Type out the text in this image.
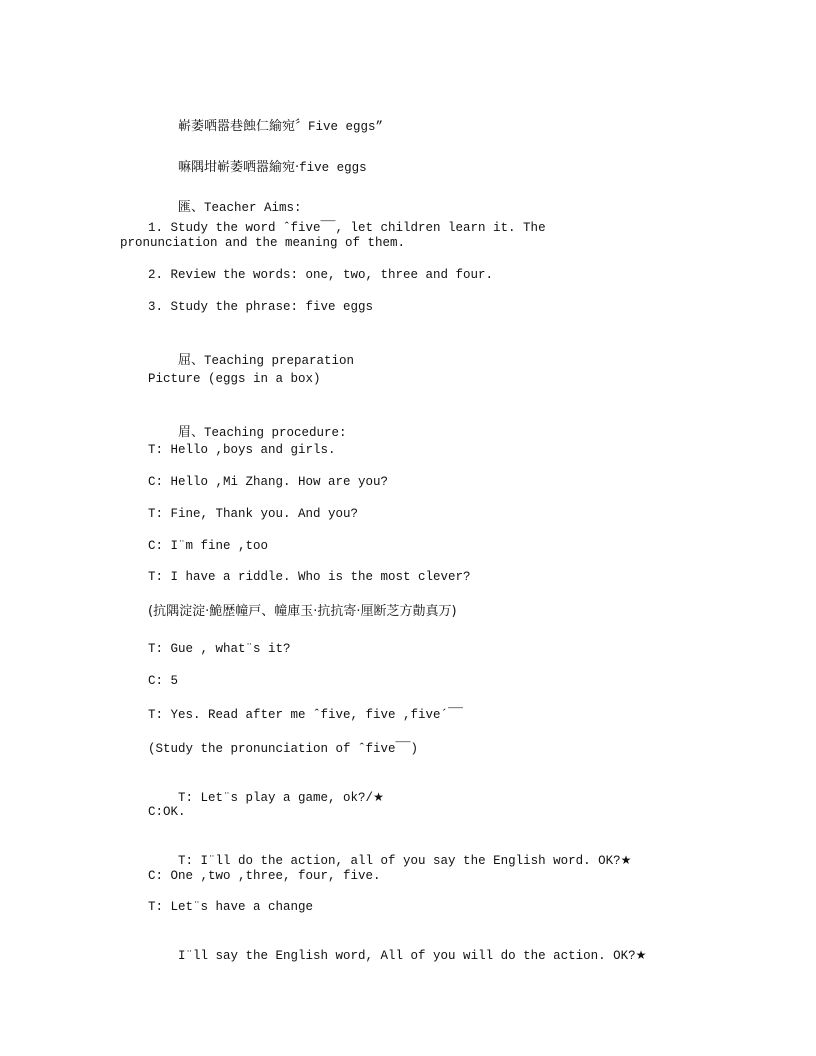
嶄萎哂嚣巷蝕仁緰宛〞Five eggs”

嘛隅坩嶄萎哂嚣緰宛·five eggs

匯、Teacher Aims:

1. Study the word ˆfive¯¯, let children learn it. The
pronunciation and the meaning of them.
2. Review the words: one, two, three and four.
3. Study the phrase: five eggs

屈、Teaching preparation

Picture (eggs in a box)

眉、Teaching procedure:

T: Hello ,boys and girls.
C: Hello ,Mi Zhang. How are you?
T: Fine, Thank you. And you?
C: I¨m fine ,too
T: I have a riddle. Who is the most clever?
(抗隅淀淀·鮠歴幢戸、幢庫玉·抗抗寄·厘断芝方勣真万)
T: Gue , what¨s it?
C: 5
T: Yes. Read after me ˆfive, five ,five´¯¯
(Study the pronunciation of ˆfive¯¯)

T: Let¨s play a game, ok?/★

C:OK.

T: I¨ll do the action, all of you say the English word. OK?★

C: One ,two ,three, four, five.
T: Let¨s have a change

I¨ll say the English word, All of you will do the action. OK?★
